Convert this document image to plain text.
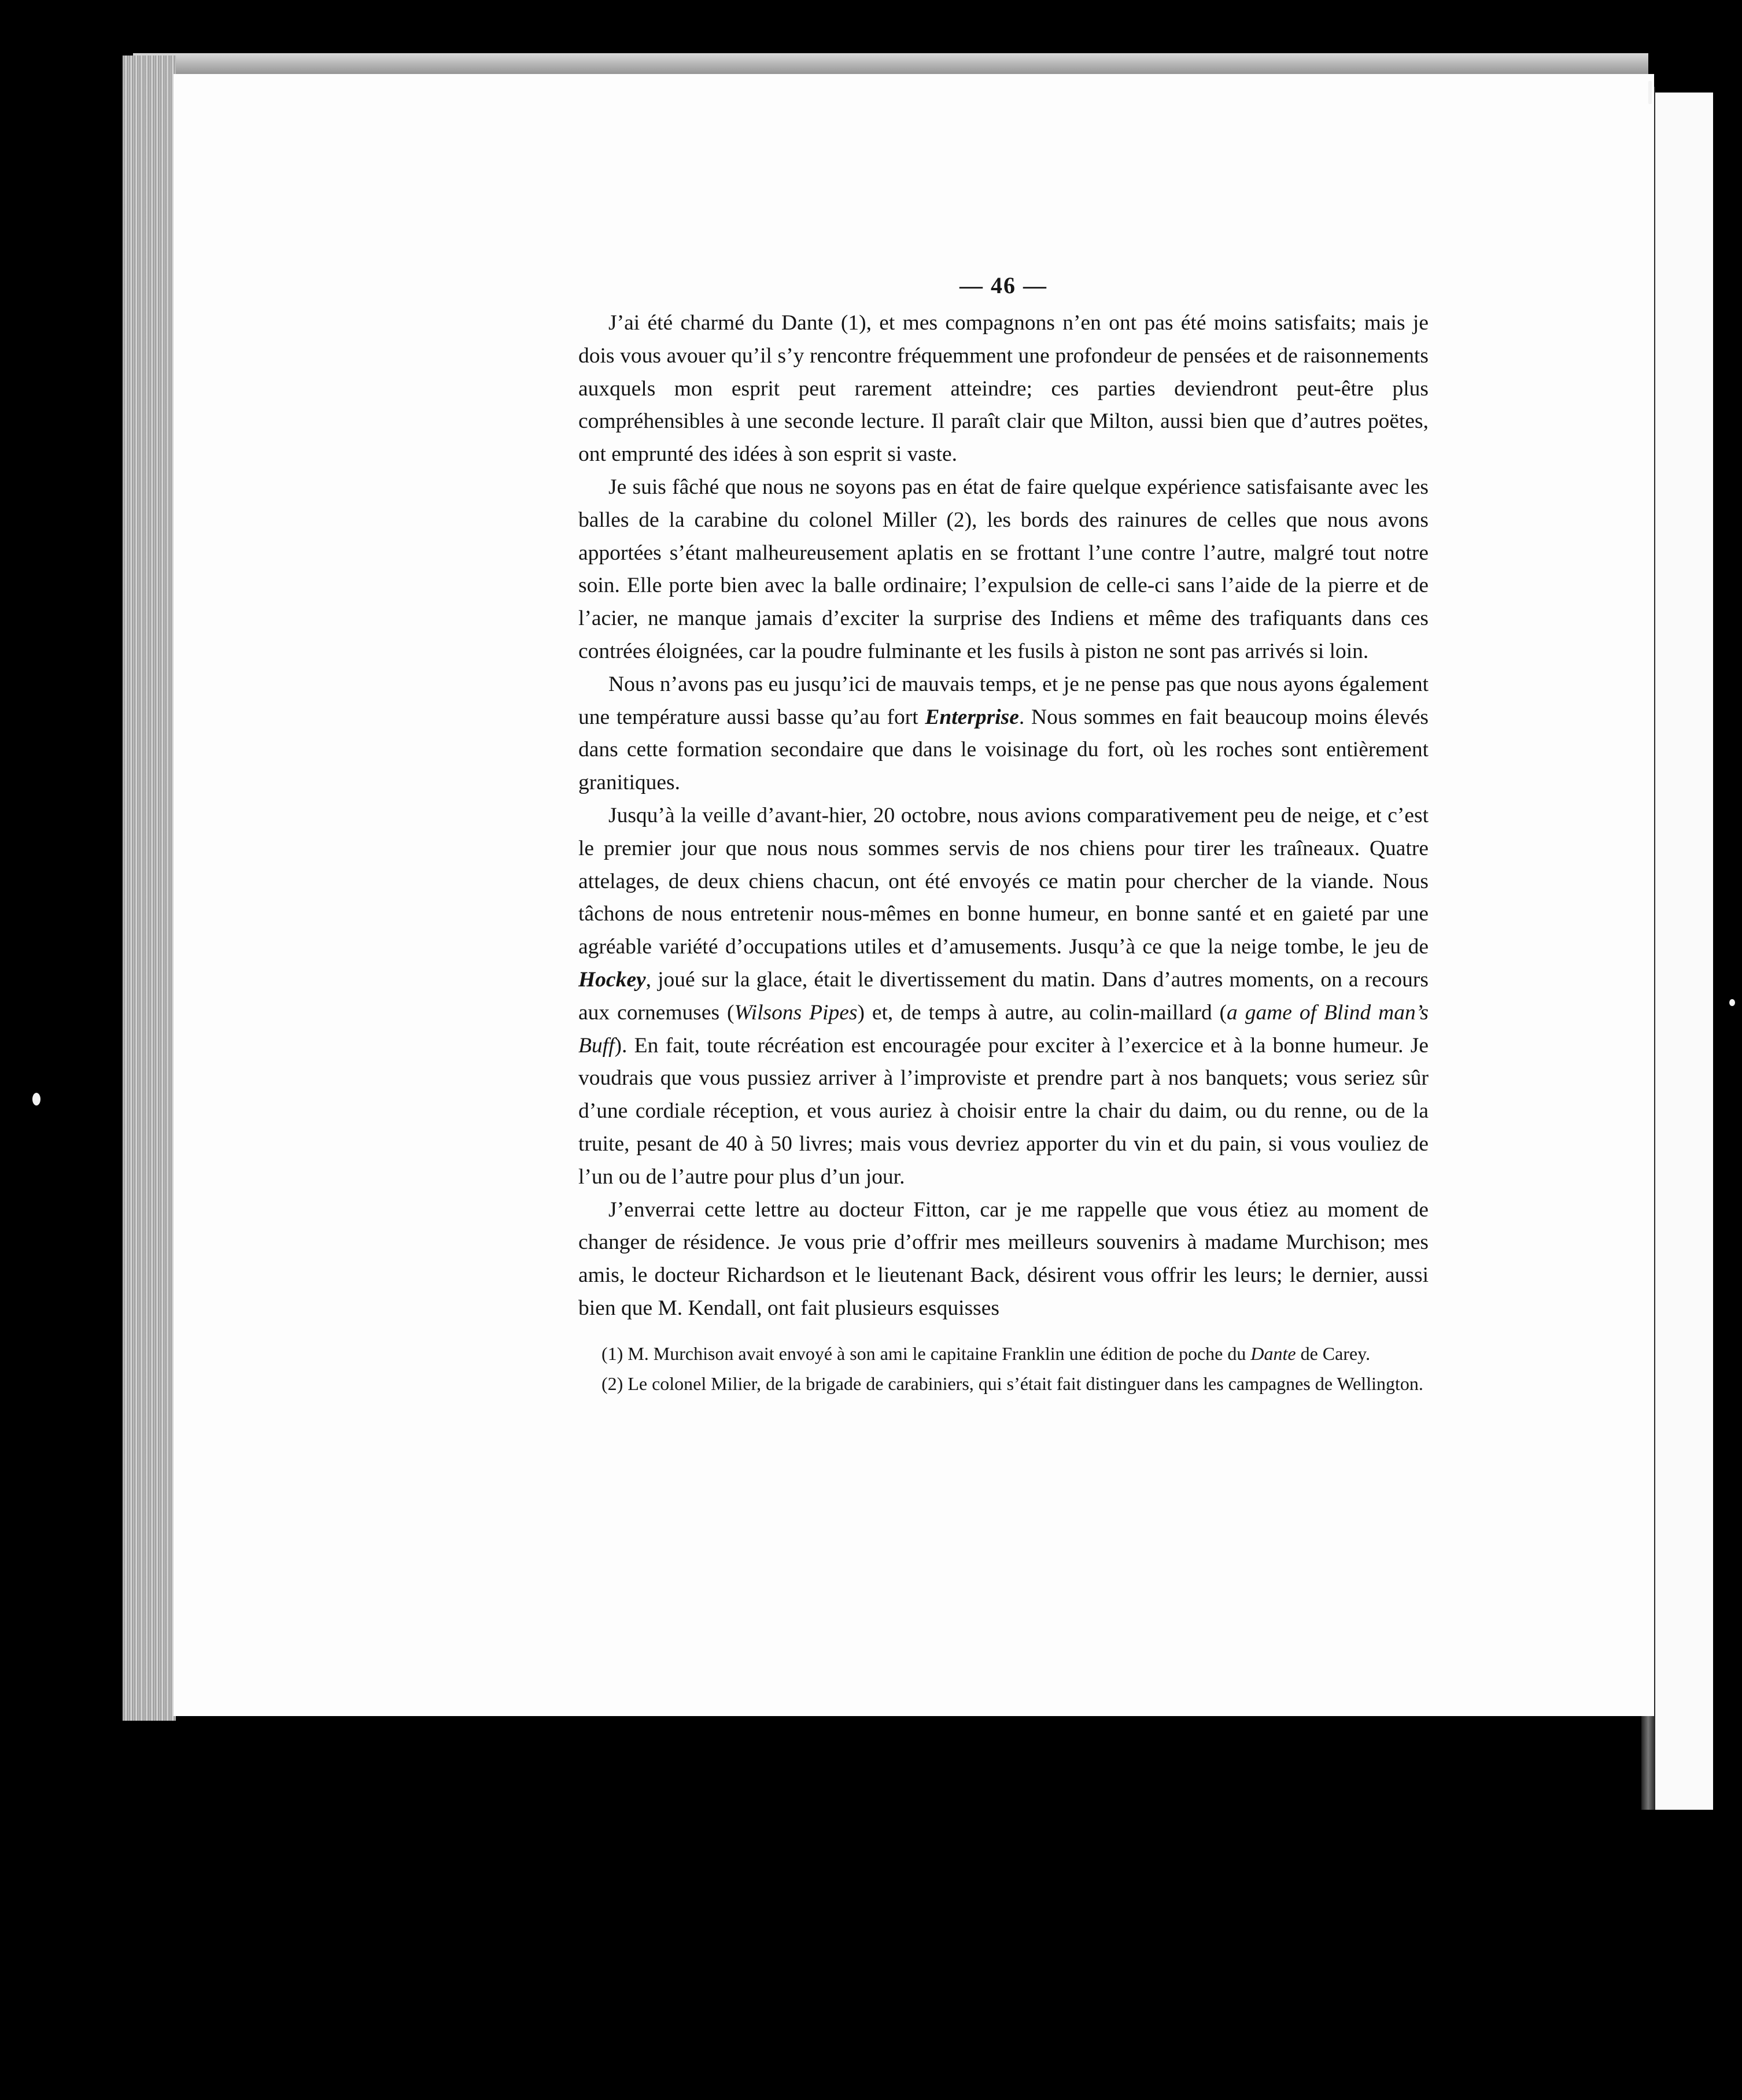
— 46 —

J’ai été charmé du Dante (1), et mes compagnons n’en ont pas été moins satisfaits; mais je dois vous avouer qu’il s’y rencontre fréquemment une profondeur de pensées et de raisonnements auxquels mon esprit peut rarement atteindre; ces parties deviendront peut-être plus compréhensibles à une seconde lecture. Il paraît clair que Milton, aussi bien que d’autres poëtes, ont emprunté des idées à son esprit si vaste.

Je suis fâché que nous ne soyons pas en état de faire quelque expérience satisfaisante avec les balles de la carabine du colonel Miller (2), les bords des rainures de celles que nous avons apportées s’étant malheureusement aplatis en se frottant l’une contre l’autre, malgré tout notre soin. Elle porte bien avec la balle ordinaire; l’expulsion de celle-ci sans l’aide de la pierre et de l’acier, ne manque jamais d’exciter la surprise des Indiens et même des trafiquants dans ces contrées éloignées, car la poudre fulminante et les fusils à piston ne sont pas arrivés si loin.

Nous n’avons pas eu jusqu’ici de mauvais temps, et je ne pense pas que nous ayons également une température aussi basse qu’au fort Enterprise. Nous sommes en fait beaucoup moins élevés dans cette formation secondaire que dans le voisinage du fort, où les roches sont entièrement granitiques.

Jusqu’à la veille d’avant-hier, 20 octobre, nous avions comparativement peu de neige, et c’est le premier jour que nous nous sommes servis de nos chiens pour tirer les traîneaux. Quatre attelages, de deux chiens chacun, ont été envoyés ce matin pour chercher de la viande. Nous tâchons de nous entretenir nous-mêmes en bonne humeur, en bonne santé et en gaieté par une agréable variété d’occupations utiles et d’amusements. Jusqu’à ce que la neige tombe, le jeu de Hockey, joué sur la glace, était le divertissement du matin. Dans d’autres moments, on a recours aux cornemuses (Wilsons Pipes) et, de temps à autre, au colin-maillard (a game of Blind man’s Buff). En fait, toute récréation est encouragée pour exciter à l’exercice et à la bonne humeur. Je voudrais que vous pussiez arriver à l’improviste et prendre part à nos banquets; vous seriez sûr d’une cordiale réception, et vous auriez à choisir entre la chair du daim, ou du renne, ou de la truite, pesant de 40 à 50 livres; mais vous devriez apporter du vin et du pain, si vous vouliez de l’un ou de l’autre pour plus d’un jour.

J’enverrai cette lettre au docteur Fitton, car je me rappelle que vous étiez au moment de changer de résidence. Je vous prie d’offrir mes meilleurs souvenirs à madame Murchison; mes amis, le docteur Richardson et le lieutenant Back, désirent vous offrir les leurs; le dernier, aussi bien que M. Kendall, ont fait plusieurs esquisses

(1) M. Murchison avait envoyé à son ami le capitaine Franklin une édition de poche du Dante de Carey.

(2) Le colonel Milier, de la brigade de carabiniers, qui s’était fait distinguer dans les campagnes de Wellington.
